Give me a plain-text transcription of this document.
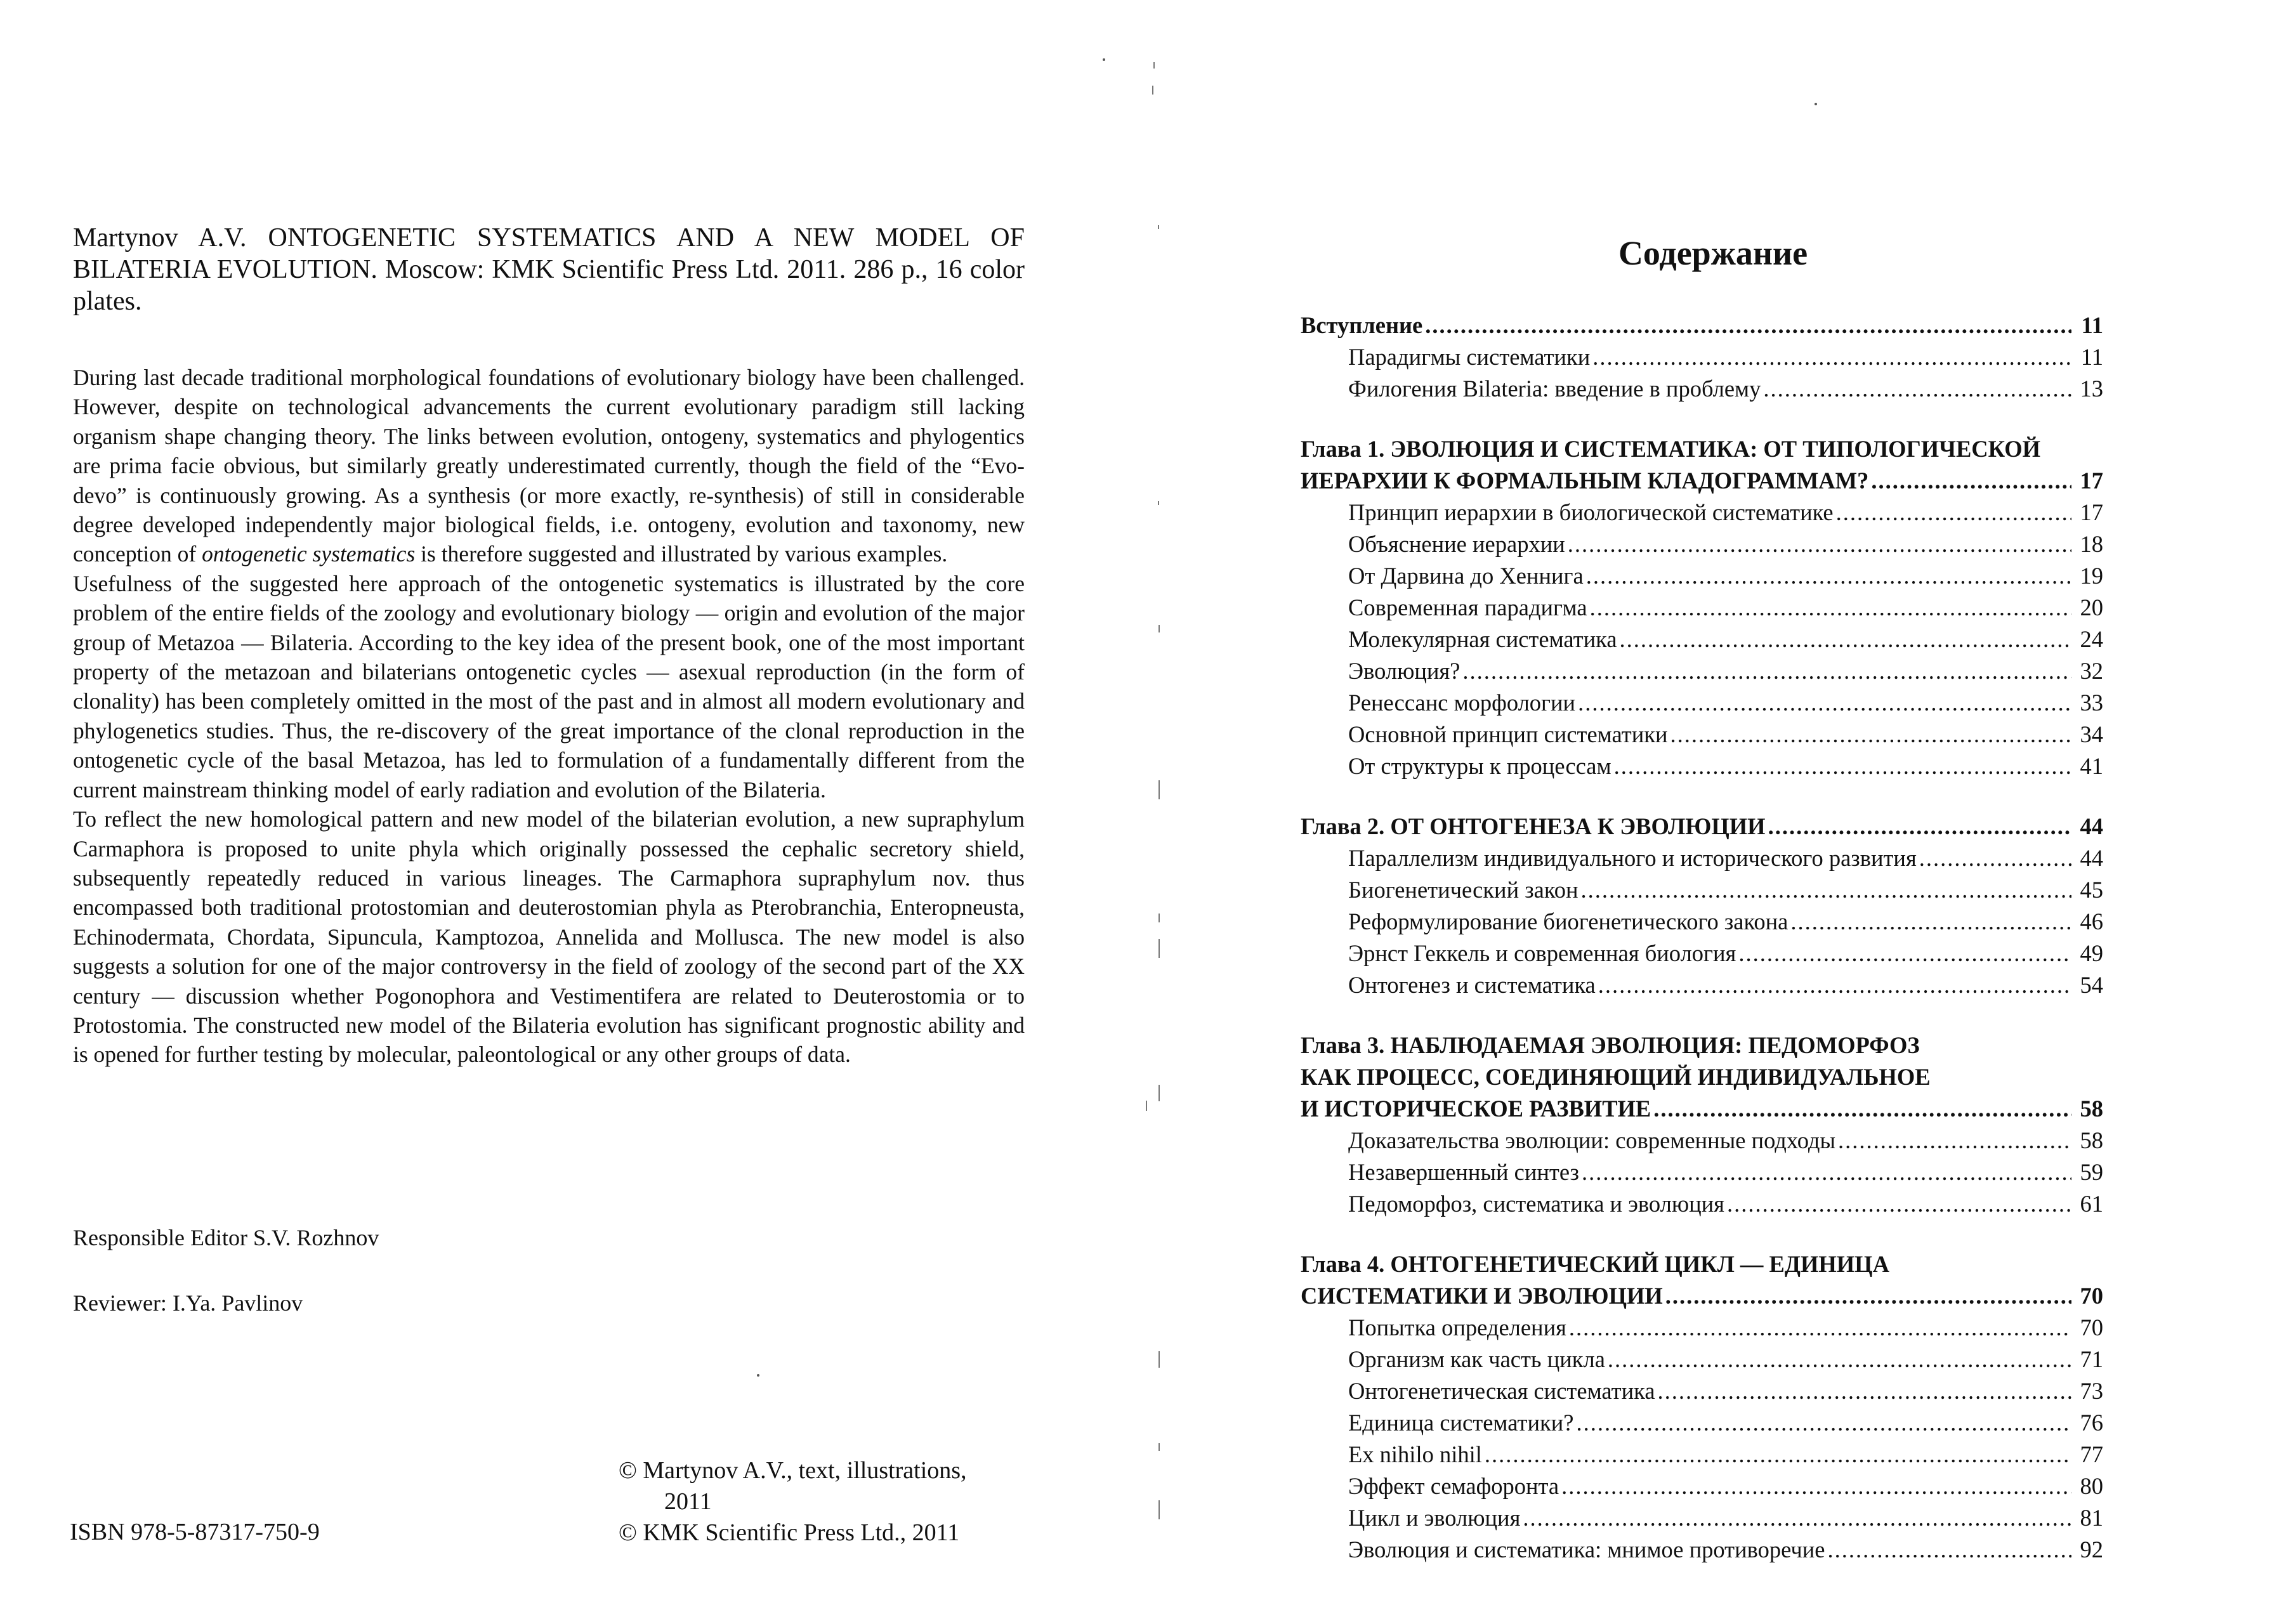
Martynov A.V. ONTOGENETIC SYSTEMATICS AND A NEW MODEL OF BILATERIA EVOLUTION. Moscow: KMK Scientific Press Ltd. 2011. 286 p., 16 color plates.

During last decade traditional morphological foundations of evolutionary biology have been challenged. However, despite on technological advancements the current evolutionary paradigm still lacking organism shape changing theory. The links between evolution, ontogeny, systematics and phylogentics are prima facie obvious, but similarly greatly underestimated currently, though the field of the “Evo-devo” is continuously growing. As a synthesis (or more exactly, re-synthesis) of still in considerable degree developed independently major biological fields, i.e. ontogeny, evolution and taxonomy, new conception of ontogenetic systematics is therefore suggested and illustrated by various examples.

Usefulness of the suggested here approach of the ontogenetic systematics is illustrated by the core problem of the entire fields of the zoology and evolutionary biology — origin and evolution of the major group of Metazoa — Bilateria. According to the key idea of the present book, one of the most important property of the metazoan and bilaterians ontogenetic cycles — asexual reproduction (in the form of clonality) has been completely omitted in the most of the past and in almost all modern evolutionary and phylogenetics studies. Thus, the re-discovery of the great importance of the clonal reproduction in the ontogenetic cycle of the basal Metazoa, has led to formulation of a fundamentally different from the current mainstream thinking model of early radiation and evolution of the Bilateria.

To reflect the new homological pattern and new model of the bilaterian evolution, a new supraphylum Carmaphora is proposed to unite phyla which originally possessed the cephalic secretory shield, subsequently repeatedly reduced in various lineages. The Carmaphora supraphylum nov. thus encompassed both traditional protostomian and deuterostomian phyla as Pterobranchia, Enteropneusta, Echinodermata, Chordata, Sipuncula, Kamptozoa, Annelida and Mollusca. The new model is also suggests a solution for one of the major controversy in the field of zoology of the second part of the XX century — discussion whether Pogonophora and Vestimentifera are related to Deuterostomia or to Protostomia. The constructed new model of the Bilateria evolution has significant prognostic ability and is opened for further testing by molecular, paleontological or any other groups of data.

Responsible Editor S.V. Rozhnov
Reviewer: I.Ya. Pavlinov
ISBN 978-5-87317-750-9
© Martynov A.V., text, illustrations,
2011
© KMK Scientific Press Ltd., 2011
Содержание
Вступление .....	11
Парадигмы систематики .....	11
Филогения Bilateria: введение в проблему .....	13
Глава 1. ЭВОЛЮЦИЯ И СИСТЕМАТИКА: ОТ ТИПОЛОГИЧЕСКОЙ
ИЕРАРХИИ К ФОРМАЛЬНЫМ КЛАДОГРАММАМ? .....	17
Принцип иерархии в биологической систематике .....	17
Объяснение иерархии .....	18
От Дарвина до Хеннига .....	19
Современная парадигма .....	20
Молекулярная систематика .....	24
Эволюция? .....	32
Ренессанс морфологии .....	33
Основной принцип систематики .....	34
От структуры к процессам .....	41
Глава 2. ОТ ОНТОГЕНЕЗА К ЭВОЛЮЦИИ .....	44
Параллелизм индивидуального и исторического развития .....	44
Биогенетический закон .....	45
Реформулирование биогенетического закона .....	46
Эрнст Геккель и современная биология .....	49
Онтогенез и систематика .....	54
Глава 3. НАБЛЮДАЕМАЯ ЭВОЛЮЦИЯ: ПЕДОМОРФОЗ
КАК ПРОЦЕСС, СОЕДИНЯЮЩИЙ ИНДИВИДУАЛЬНОЕ
И ИСТОРИЧЕСКОЕ РАЗВИТИЕ .....	58
Доказательства эволюции: современные подходы .....	58
Незавершенный синтез .....	59
Педоморфоз, систематика и эволюция .....	61
Глава 4. ОНТОГЕНЕТИЧЕСКИЙ ЦИКЛ — ЕДИНИЦА
СИСТЕМАТИКИ И ЭВОЛЮЦИИ .....	70
Попытка определения .....	70
Организм как часть цикла .....	71
Онтогенетическая систематика .....	73
Единица систематики? .....	76
Ex nihilo nihil .....	77
Эффект семафоронта .....	80
Цикл и эволюция .....	81
Эволюция и систематика: мнимое противоречие .....	92
